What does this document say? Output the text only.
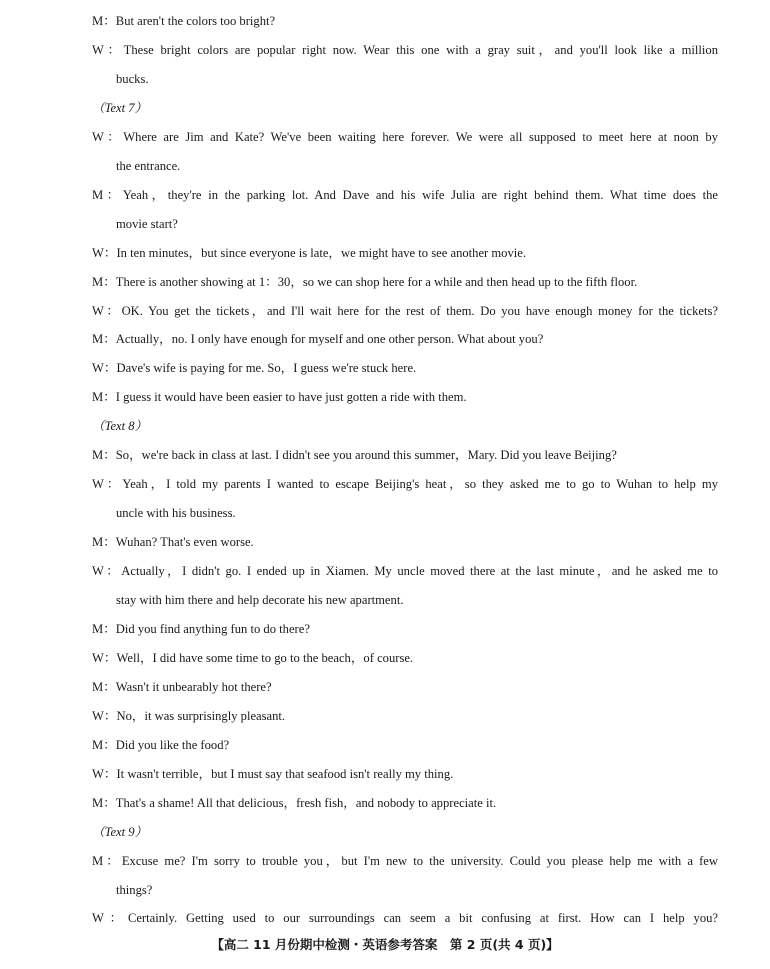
M：But aren't the colors too bright?
W：These bright colors are popular right now. Wear this one with a gray suit，and you'll look like a million
bucks.
（Text 7）
W：Where are Jim and Kate? We've been waiting here forever. We were all supposed to meet here at noon by
the entrance.
M：Yeah，they're in the parking lot. And Dave and his wife Julia are right behind them. What time does the
movie start?
W：In ten minutes，but since everyone is late，we might have to see another movie.
M：There is another showing at 1：30，so we can shop here for a while and then head up to the fifth floor.
W：OK. You get the tickets，and I'll wait here for the rest of them. Do you have enough money for the tickets?
M：Actually，no. I only have enough for myself and one other person. What about you?
W：Dave's wife is paying for me. So，I guess we're stuck here.
M：I guess it would have been easier to have just gotten a ride with them.
（Text 8）
M：So，we're back in class at last. I didn't see you around this summer，Mary. Did you leave Beijing?
W：Yeah，I told my parents I wanted to escape Beijing's heat，so they asked me to go to Wuhan to help my
uncle with his business.
M：Wuhan? That's even worse.
W：Actually，I didn't go. I ended up in Xiamen. My uncle moved there at the last minute，and he asked me to
stay with him there and help decorate his new apartment.
M：Did you find anything fun to do there?
W：Well，I did have some time to go to the beach，of course.
M：Wasn't it unbearably hot there?
W：No，it was surprisingly pleasant.
M：Did you like the food?
W：It wasn't terrible，but I must say that seafood isn't really my thing.
M：That's a shame! All that delicious，fresh fish，and nobody to appreciate it.
（Text 9）
M：Excuse me? I'm sorry to trouble you，but I'm new to the university. Could you please help me with a few
things?
W：Certainly. Getting used to our surroundings can seem a bit confusing at first. How can I help you?
【高二 11 月份期中检测・英语参考答案　第 2 页(共 4 页)】
